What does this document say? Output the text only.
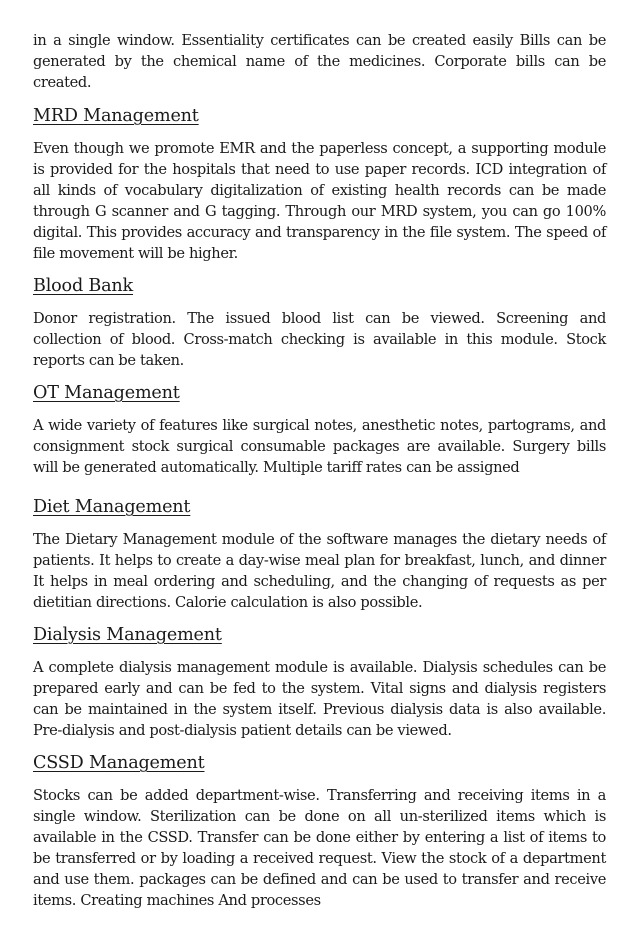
in a single window. Essentiality certificates can be created easily Bills can be generated by the chemical name of the medicines. Corporate bills can be created.

MRD Management

Even though we promote EMR and the paperless concept, a supporting module is provided for the hospitals that need to use paper records. ICD integration of all kinds of vocabulary digitalization of existing health records can be made through G scanner and G tagging. Through our MRD system, you can go 100% digital. This provides accuracy and transparency in the file system. The speed of file movement will be higher.

Blood Bank

Donor registration. The issued blood list can be viewed. Screening and collection of blood. Cross-match checking is available in this module. Stock reports can be taken.

OT Management

A wide variety of features like surgical notes, anesthetic notes, partograms, and consignment stock surgical consumable packages are available. Surgery bills will be generated automatically. Multiple tariff rates can be assigned

Diet Management

The Dietary Management module of the software manages the dietary needs of patients. It helps to create a day-wise meal plan for breakfast, lunch, and dinner It helps in meal ordering and scheduling, and the changing of requests as per dietitian directions. Calorie calculation is also possible.

Dialysis Management

A complete dialysis management module is available. Dialysis schedules can be prepared early and can be fed to the system. Vital signs and dialysis registers can be maintained in the system itself. Previous dialysis data is also available. Pre-dialysis and post-dialysis patient details can be viewed.

CSSD Management

Stocks can be added department-wise. Transferring and receiving items in a single window. Sterilization can be done on all un-sterilized items which is available in the CSSD. Transfer can be done either by entering a list of items to be transferred or by loading a received request. View the stock of a department and use them. packages can be defined and can be used to transfer and receive items. Creating machines And processes
